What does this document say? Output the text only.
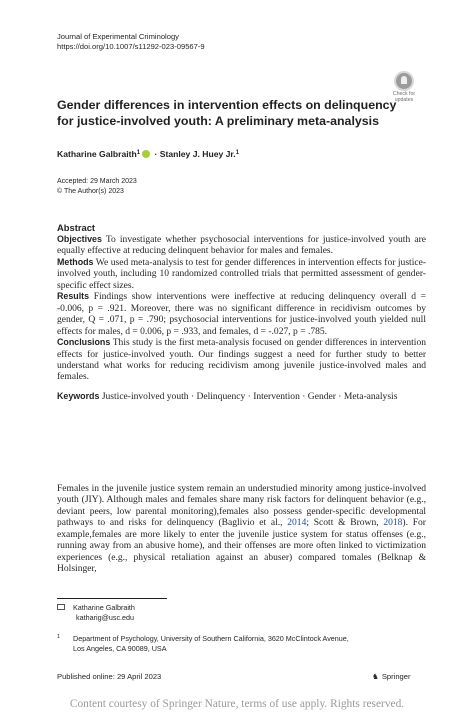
Journal of Experimental Criminology
https://doi.org/10.1007/s11292-023-09567-9
Check for
updates
Gender differences in intervention effects on delinquency for justice-involved youth: A preliminary meta-analysis
Katharine Galbraith$^1$ · Stanley J. Huey Jr.$^1$
Accepted: 29 March 2023
© The Author(s) 2023
Abstract

Objectives To investigate whether psychosocial interventions for justice-involved youth are equally effective at reducing delinquent behavior for males and females.

Methods We used meta-analysis to test for gender differences in intervention effects for justice-involved youth, including 10 randomized controlled trials that permitted assessment of gender-specific effect sizes.

Results Findings show interventions were ineffective at reducing delinquency overall d = -0.006, p = .921. Moreover, there was no significant difference in recidivism outcomes by gender, Q = .071, p = .790; psychosocial interventions for justice-involved youth yielded null effects for males, d = 0.006, p = .933, and females, d = -.027, p = .785.

Conclusions This study is the first meta-analysis focused on gender differences in intervention effects for justice-involved youth. Our findings suggest a need for further study to better understand what works for reducing recidivism among juvenile justice-involved males and females.

Keywords Justice-involved youth · Delinquency · Intervention · Gender · Meta-analysis

Females in the juvenile justice system remain an understudied minority among justice-involved youth (JIY). Although males and females share many risk factors for delinquent behavior (e.g., deviant peers, low parental monitoring),females also possess gender-specific developmental pathways to and risks for delinquency (Baglivio et al., 2014; Scott & Brown, 2018). For example,females are more likely to enter the juvenile justice system for status offenses (e.g., running away from an abusive home), and their offenses are more often linked to victimization experiences (e.g., physical retaliation against an abuser) compared tomales (Belknap & Holsinger,

Katharine Galbraith
katharig@usc.edu
1	Department of Psychology, University of Southern California, 3620 McClintock Avenue,
Los Angeles, CA 90089, USA
Published online: 29 April 2023	♞ Springer
Content courtesy of Springer Nature, terms of use apply. Rights reserved.
